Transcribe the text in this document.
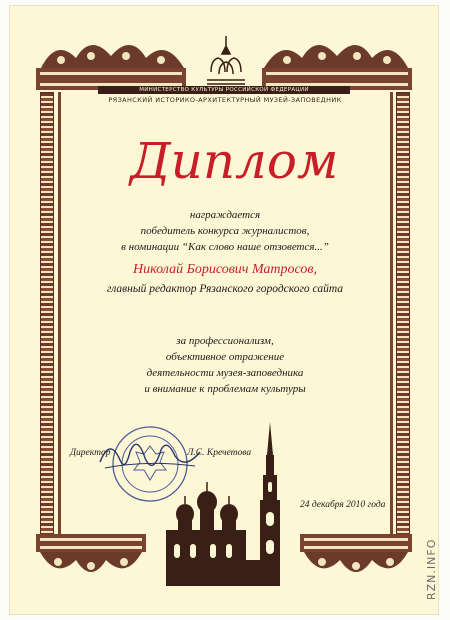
МИНИСТЕРСТВО КУЛЬТУРЫ РОССИЙСКОЙ ФЕДЕРАЦИИ
РЯЗАНСКИЙ ИСТОРИКО-АРХИТЕКТУРНЫЙ МУЗЕЙ-ЗАПОВЕДНИК
Диплом
награждается
победитель конкурса журналистов,
в номинации “Как слово наше отзовется...”
Николай Борисович Матросов,
главный редактор Рязанского городского сайта
за профессионализм,
объективное отражение
деятельности музея-заповедника
и внимание к проблемам культуры
Директор	Л.С. Кречетова
24 декабря 2010 года
RZN.INFO
